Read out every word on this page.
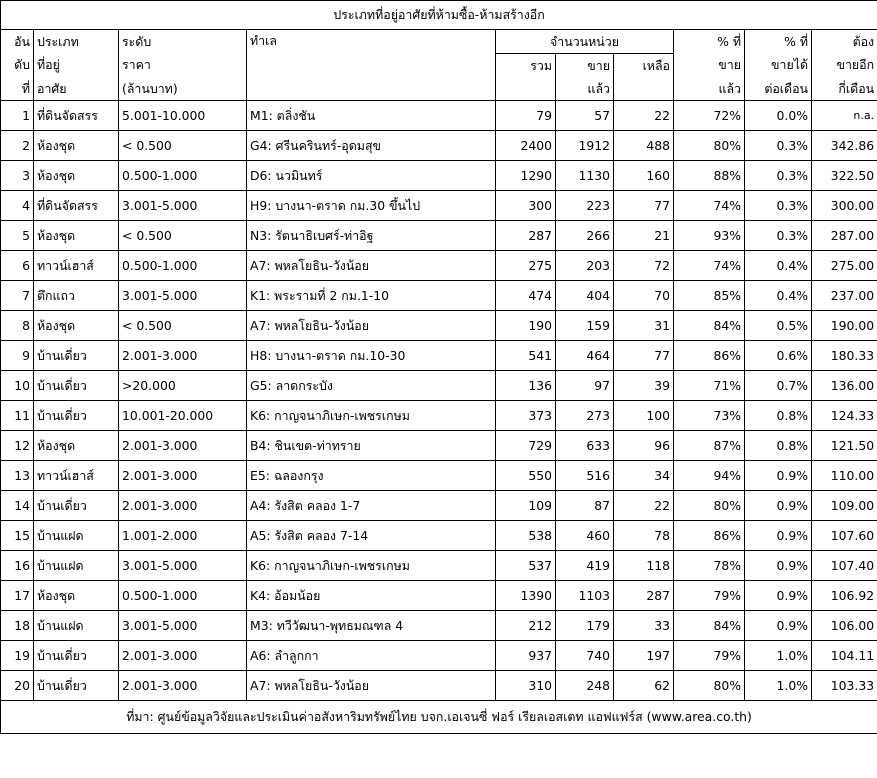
ประเภทที่อยู่อาศัยที่ห้ามซื้อ-ห้ามสร้างอีก									
อัน	ประเภท	ระดับ	ทำเล	จำนวนหน่วย			% ที่	% ที่	ต้อง
ดับ	ที่อยู่	ราคา		รวม	ขาย	เหลือ	ขาย	ขายได้	ขายอีก
ที่	อาศัย	(ล้านบาท)			แล้ว		แล้ว	ต่อเดือน	กี่เดือน
1	ที่ดินจัดสรร	5.001-10.000	M1: ตลิ่งชัน	79	57	22	72%	0.0%	n.a.
2	ห้องชุด	< 0.500	G4: ศรีนครินทร์-อุดมสุข	2400	1912	488	80%	0.3%	342.86
3	ห้องชุด	0.500-1.000	D6: นวมินทร์	1290	1130	160	88%	0.3%	322.50
4	ที่ดินจัดสรร	3.001-5.000	H9: บางนา-ตราด กม.30 ขึ้นไป	300	223	77	74%	0.3%	300.00
5	ห้องชุด	< 0.500	N3: รัตนาธิเบศร์-ท่าอิฐ	287	266	21	93%	0.3%	287.00
6	ทาวน์เฮาส์	0.500-1.000	A7: พหลโยธิน-วังน้อย	275	203	72	74%	0.4%	275.00
7	ตึกแถว	3.001-5.000	K1: พระรามที่ 2 กม.1-10	474	404	70	85%	0.4%	237.00
8	ห้องชุด	< 0.500	A7: พหลโยธิน-วังน้อย	190	159	31	84%	0.5%	190.00
9	บ้านเดี่ยว	2.001-3.000	H8: บางนา-ตราด กม.10-30	541	464	77	86%	0.6%	180.33
10	บ้านเดี่ยว	>20.000	G5: ลาดกระบัง	136	97	39	71%	0.7%	136.00
11	บ้านเดี่ยว	10.001-20.000	K6: กาญจนาภิเษก-เพชรเกษม	373	273	100	73%	0.8%	124.33
12	ห้องชุด	2.001-3.000	B4: ชินเขต-ท่าทราย	729	633	96	87%	0.8%	121.50
13	ทาวน์เฮาส์	2.001-3.000	E5: ฉลองกรุง	550	516	34	94%	0.9%	110.00
14	บ้านเดี่ยว	2.001-3.000	A4: รังสิต คลอง 1-7	109	87	22	80%	0.9%	109.00
15	บ้านแฝด	1.001-2.000	A5: รังสิต คลอง 7-14	538	460	78	86%	0.9%	107.60
16	บ้านแฝด	3.001-5.000	K6: กาญจนาภิเษก-เพชรเกษม	537	419	118	78%	0.9%	107.40
17	ห้องชุด	0.500-1.000	K4: อ้อมน้อย	1390	1103	287	79%	0.9%	106.92
18	บ้านแฝด	3.001-5.000	M3: ทวีวัฒนา-พุทธมณฑล 4	212	179	33	84%	0.9%	106.00
19	บ้านเดี่ยว	2.001-3.000	A6: ลำลูกกา	937	740	197	79%	1.0%	104.11
20	บ้านเดี่ยว	2.001-3.000	A7: พหลโยธิน-วังน้อย	310	248	62	80%	1.0%	103.33
ที่มา: ศูนย์ข้อมูลวิจัยและประเมินค่าอสังหาริมทรัพย์ไทย บจก.เอเจนซี่ ฟอร์ เรียลเอสเตท แอฟแฟร์ส (www.area.co.th)									
